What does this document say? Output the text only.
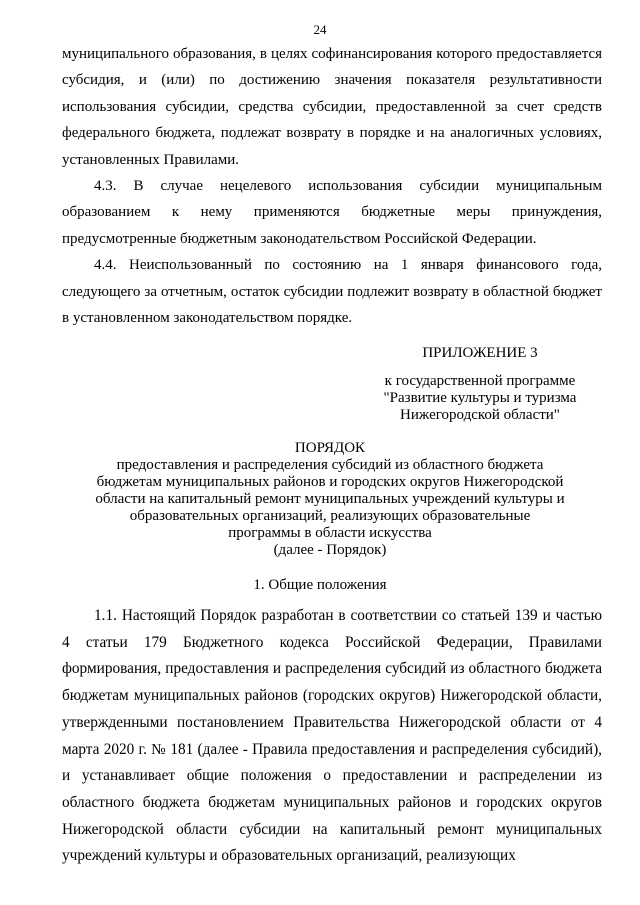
24

муниципального образования, в целях софинансирования которого предоставляется субсидия, и (или) по достижению значения показателя результативности использования субсидии, средства субсидии, предоставленной за счет средств федерального бюджета, подлежат возврату в порядке и на аналогичных условиях, установленных Правилами.

4.3. В случае нецелевого использования субсидии муниципальным образованием к нему применяются бюджетные меры принуждения, предусмотренные бюджетным законодательством Российской Федерации.

4.4. Неиспользованный по состоянию на 1 января финансового года, следующего за отчетным, остаток субсидии подлежит возврату в областной бюджет в установленном законодательством порядке.

ПРИЛОЖЕНИЕ 3
к государственной программе
"Развитие культуры и туризма
Нижегородской области"
ПОРЯДОК
предоставления и распределения субсидий из областного бюджета
бюджетам муниципальных районов и городских округов Нижегородской
области на капитальный ремонт муниципальных учреждений культуры и
образовательных организаций, реализующих образовательные
программы в области искусства
(далее - Порядок)
1. Общие положения

1.1. Настоящий Порядок разработан в соответствии со статьей 139 и частью 4 статьи 179 Бюджетного кодекса Российской Федерации, Правилами формирования, предоставления и распределения субсидий из областного бюджета бюджетам муниципальных районов (городских округов) Нижегородской области, утвержденными постановлением Правительства Нижегородской области от 4 марта 2020 г. № 181 (далее - Правила предоставления и распределения субсидий), и устанавливает общие положения о предоставлении и распределении из областного бюджета бюджетам муниципальных районов и городских округов Нижегородской области субсидии на капитальный ремонт муниципальных учреждений культуры и образовательных организаций, реализующих
